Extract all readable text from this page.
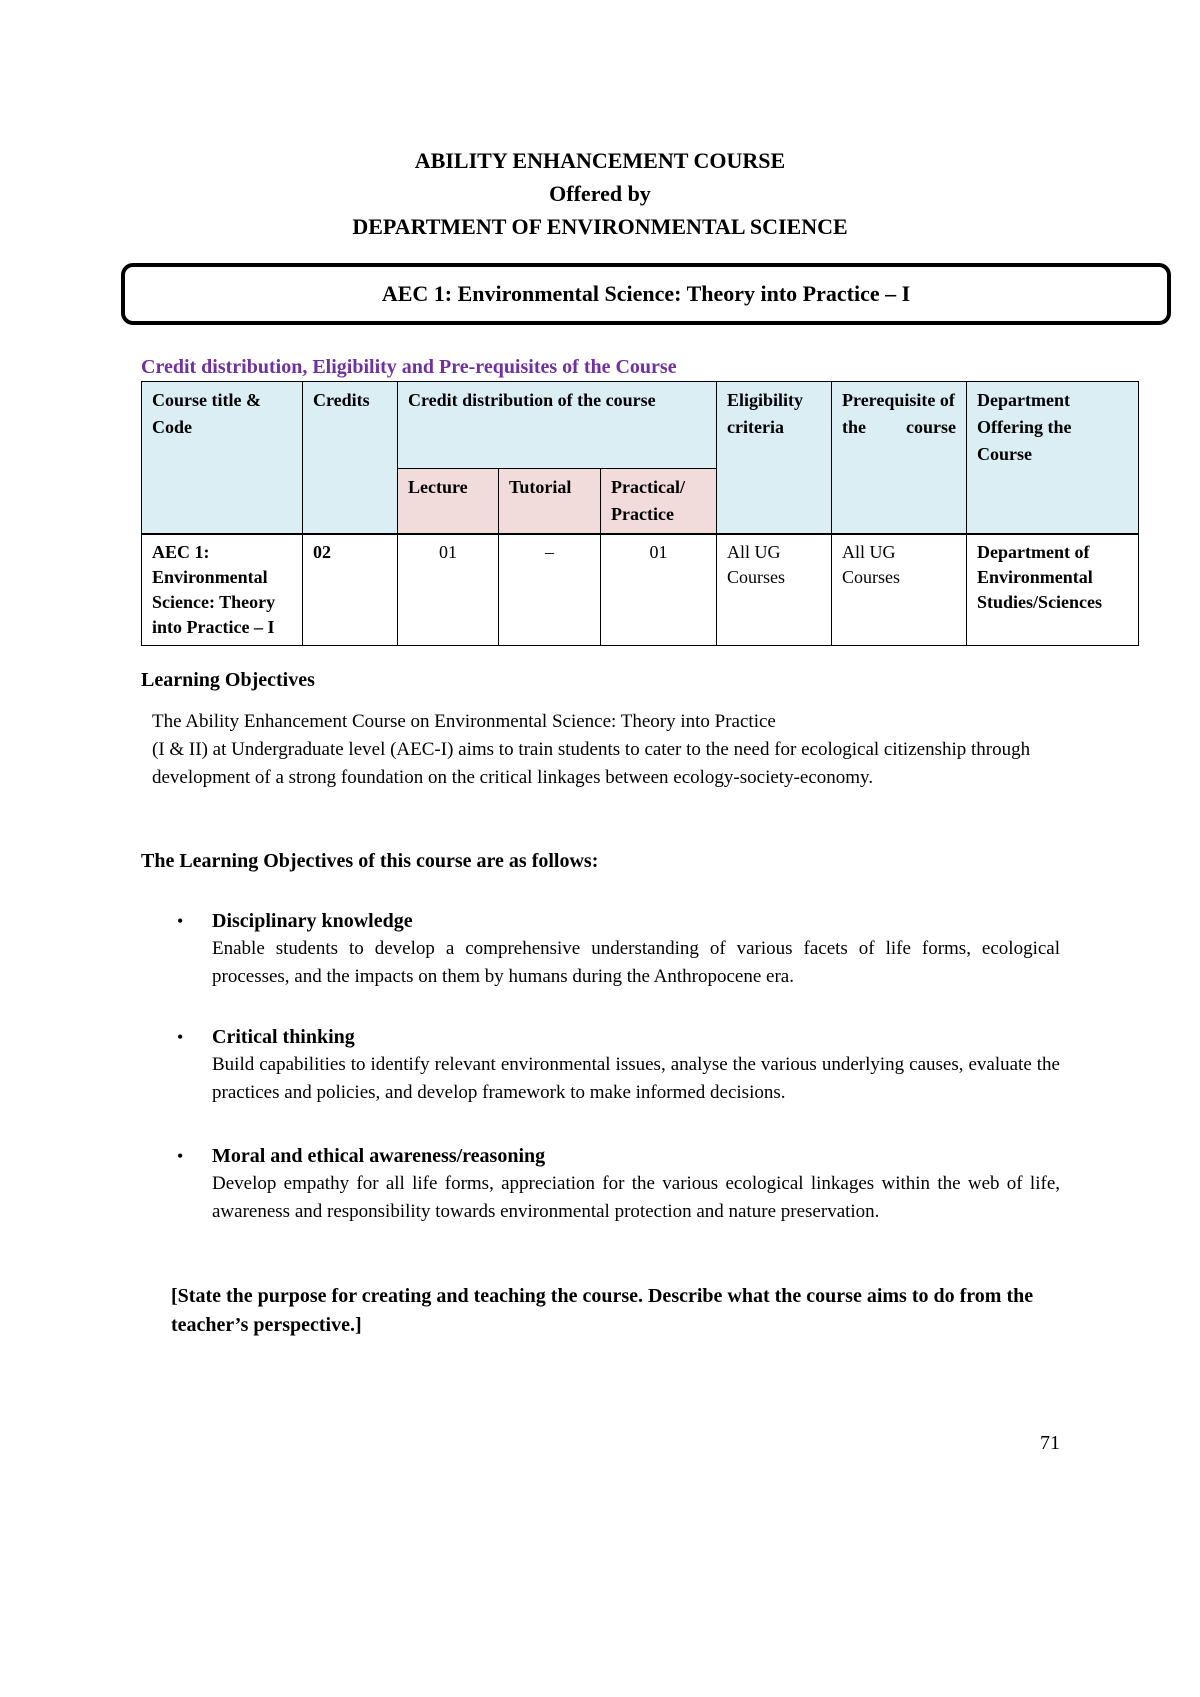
ABILITY ENHANCEMENT COURSE
Offered by
DEPARTMENT OF ENVIRONMENTAL SCIENCE
AEC 1: Environmental Science: Theory into Practice – I
Credit distribution, Eligibility and Pre-requisites of the Course
Course title & Code	Credits	Credit distribution of the course			Eligibility criteria	Prerequisite of the course	Department Offering the Course
		Lecture	Tutorial	Practical/ Practice			
AEC 1: Environmental Science: Theory into Practice – I	02	01	–	01	All UG Courses	All UG Courses	Department of Environmental Studies/Sciences
Learning Objectives

The Ability Enhancement Course on Environmental Science: Theory into Practice

(I & II) at Undergraduate level (AEC-I) aims to train students to cater to the need for ecological citizenship through development of a strong foundation on the critical linkages between ecology-society-economy.

The Learning Objectives of this course are as follows:
• Disciplinary knowledge
Enable students to develop a comprehensive understanding of various facets of life forms, ecological processes, and the impacts on them by humans during the Anthropocene era.
• Critical thinking
Build capabilities to identify relevant environmental issues, analyse the various underlying causes, evaluate the practices and policies, and develop framework to make informed decisions.
• Moral and ethical awareness/reasoning
Develop empathy for all life forms, appreciation for the various ecological linkages within the web of life, awareness and responsibility towards environmental protection and nature preservation.
[State the purpose for creating and teaching the course. Describe what the course aims to do from the teacher’s perspective.]
71
